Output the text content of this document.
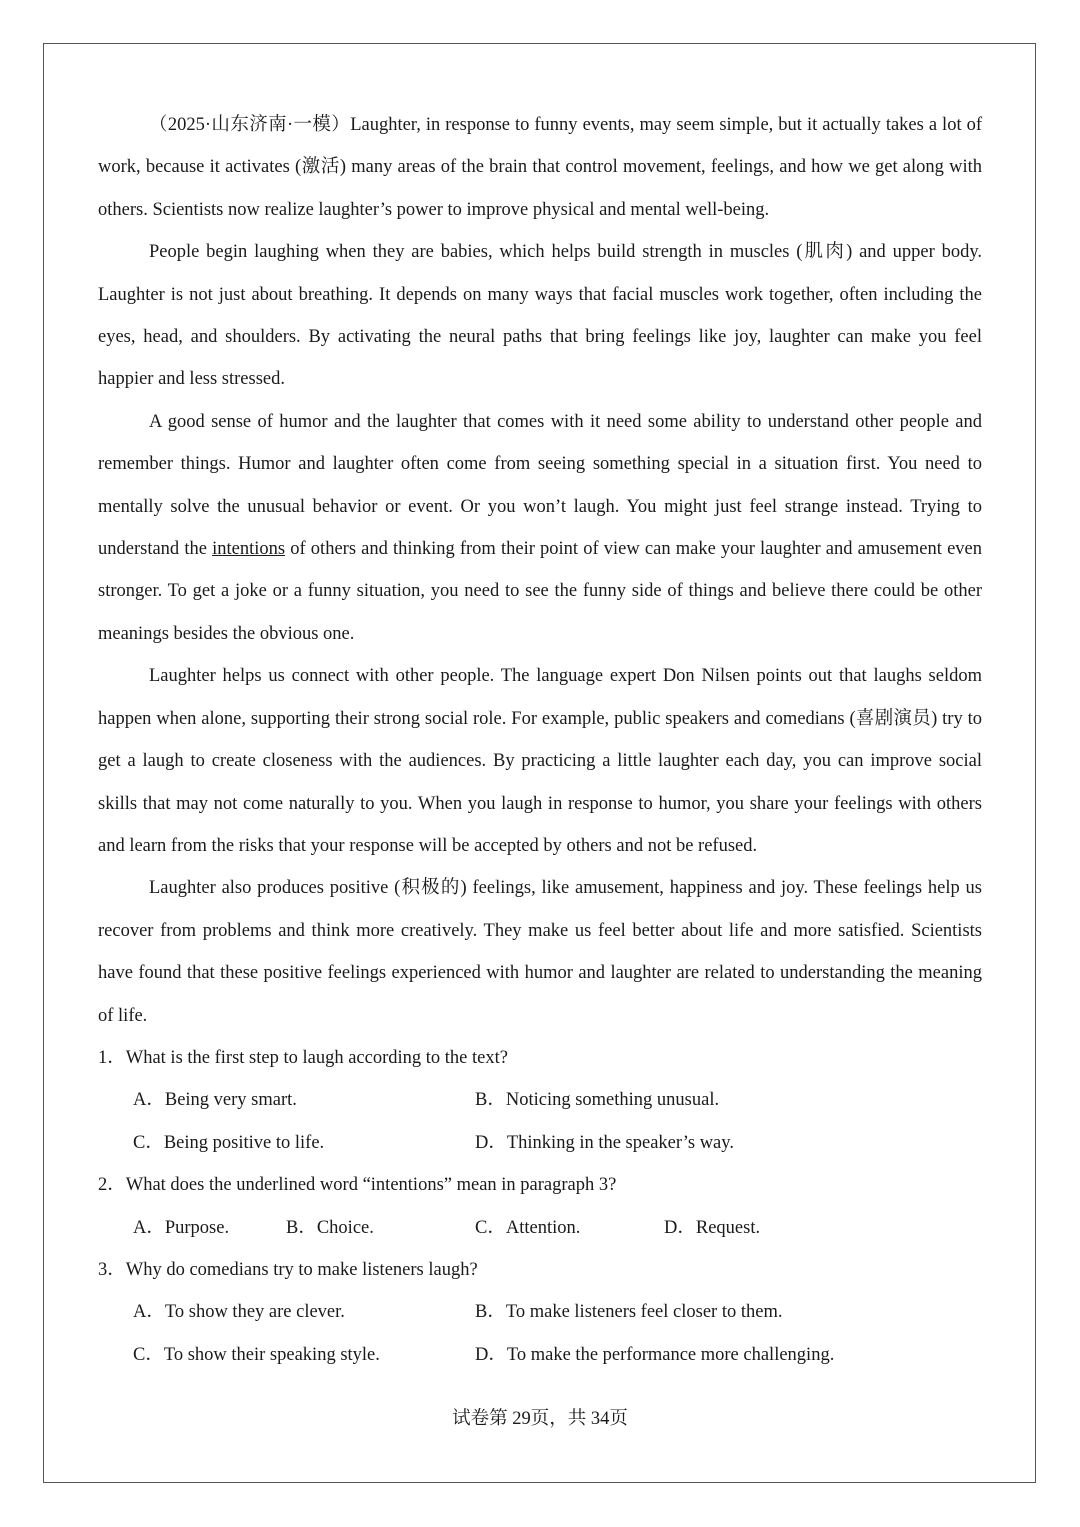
（2025·山东济南·一模）Laughter, in response to funny events, may seem simple, but it actually takes a lot of work, because it activates (激活) many areas of the brain that control movement, feelings, and how we get along with others. Scientists now realize laughter’s power to improve physical and mental well-being.

People begin laughing when they are babies, which helps build strength in muscles (肌肉) and upper body. Laughter is not just about breathing. It depends on many ways that facial muscles work together, often including the eyes, head, and shoulders. By activating the neural paths that bring feelings like joy, laughter can make you feel happier and less stressed.

A good sense of humor and the laughter that comes with it need some ability to understand other people and remember things. Humor and laughter often come from seeing something special in a situation first. You need to mentally solve the unusual behavior or event. Or you won’t laugh. You might just feel strange instead. Trying to understand the intentions of others and thinking from their point of view can make your laughter and amusement even stronger. To get a joke or a funny situation, you need to see the funny side of things and believe there could be other meanings besides the obvious one.

Laughter helps us connect with other people. The language expert Don Nilsen points out that laughs seldom happen when alone, supporting their strong social role. For example, public speakers and comedians (喜剧演员) try to get a laugh to create closeness with the audiences. By practicing a little laughter each day, you can improve social skills that may not come naturally to you. When you laugh in response to humor, you share your feelings with others and learn from the risks that your response will be accepted by others and not be refused.

Laughter also produces positive (积极的) feelings, like amusement, happiness and joy. These feelings help us recover from problems and think more creatively. They make us feel better about life and more satisfied. Scientists have found that these positive feelings experienced with humor and laughter are related to understanding the meaning of life.

1．What is the first step to laugh according to the text?

A．Being very smart.	B．Noticing something unusual.
C．Being positive to life.	D．Thinking in the speaker’s way.

2．What does the underlined word “intentions” mean in paragraph 3?

A．Purpose.	B．Choice.	C．Attention.	D．Request.

3．Why do comedians try to make listeners laugh?

A．To show they are clever.	B．To make listeners feel closer to them.
C．To show their speaking style.	D．To make the performance more challenging.
试卷第 29页，共 34页
